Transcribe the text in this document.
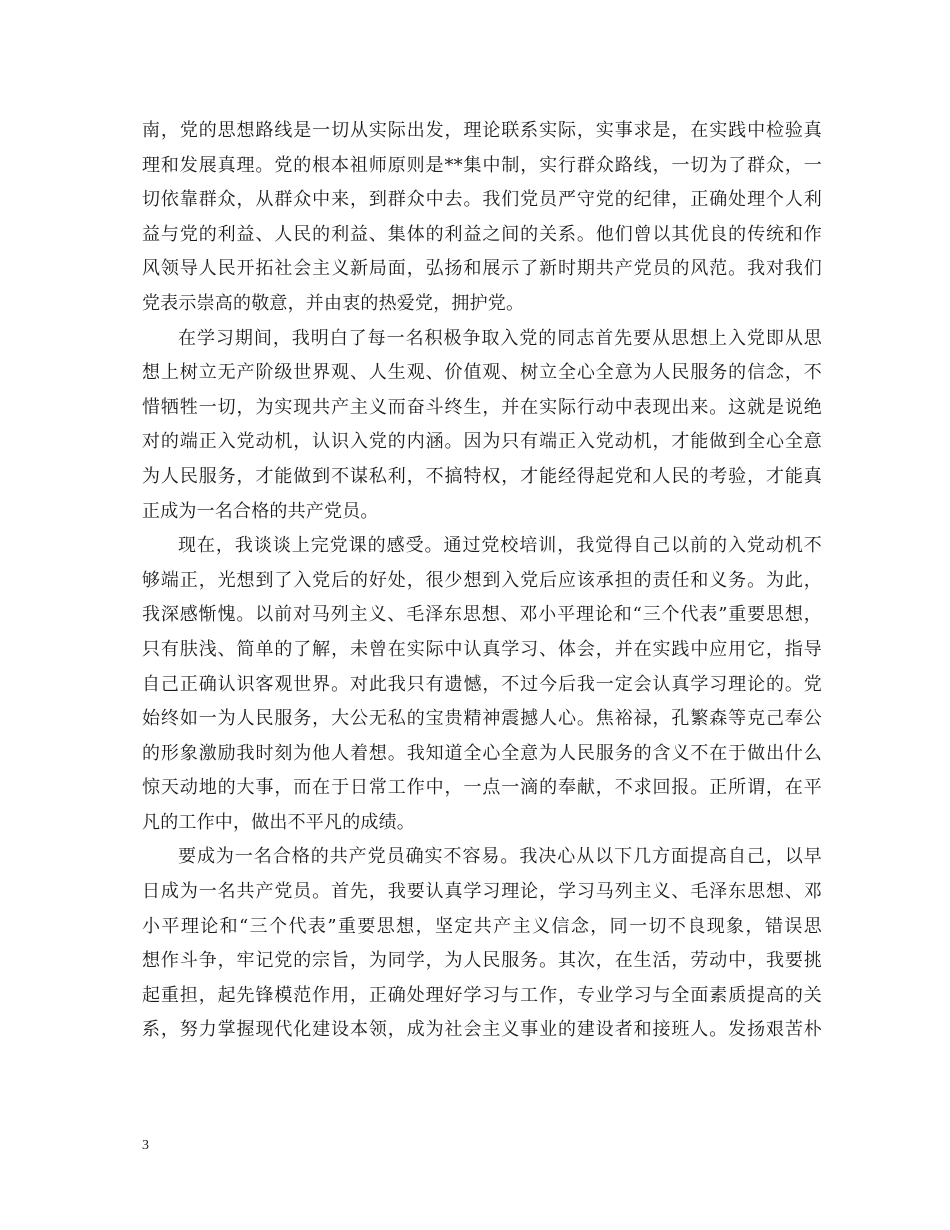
南，党的思想路线是一切从实际出发，理论联系实际，实事求是，在实践中检验真
理和发展真理。党的根本祖师原则是**集中制，实行群众路线，一切为了群众，一
切依靠群众，从群众中来，到群众中去。我们党员严守党的纪律，正确处理个人利
益与党的利益、人民的利益、集体的利益之间的关系。他们曾以其优良的传统和作
风领导人民开拓社会主义新局面，弘扬和展示了新时期共产党员的风范。我对我们
党表示崇高的敬意，并由衷的热爱党，拥护党。
在学习期间，我明白了每一名积极争取入党的同志首先要从思想上入党即从思
想上树立无产阶级世界观、人生观、价值观、树立全心全意为人民服务的信念，不
惜牺牲一切，为实现共产主义而奋斗终生，并在实际行动中表现出来。这就是说绝
对的端正入党动机，认识入党的内涵。因为只有端正入党动机，才能做到全心全意
为人民服务，才能做到不谋私利，不搞特权，才能经得起党和人民的考验，才能真
正成为一名合格的共产党员。
现在，我谈谈上完党课的感受。通过党校培训，我觉得自己以前的入党动机不
够端正，光想到了入党后的好处，很少想到入党后应该承担的责任和义务。为此，
我深感惭愧。以前对马列主义、毛泽东思想、邓小平理论和“三个代表”重要思想，
只有肤浅、简单的了解，未曾在实际中认真学习、体会，并在实践中应用它，指导
自己正确认识客观世界。对此我只有遗憾，不过今后我一定会认真学习理论的。党
始终如一为人民服务，大公无私的宝贵精神震撼人心。焦裕禄，孔繁森等克己奉公
的形象激励我时刻为他人着想。我知道全心全意为人民服务的含义不在于做出什么
惊天动地的大事，而在于日常工作中，一点一滴的奉献，不求回报。正所谓，在平
凡的工作中，做出不平凡的成绩。
要成为一名合格的共产党员确实不容易。我决心从以下几方面提高自己，以早
日成为一名共产党员。首先，我要认真学习理论，学习马列主义、毛泽东思想、邓
小平理论和“三个代表”重要思想，坚定共产主义信念，同一切不良现象，错误思
想作斗争，牢记党的宗旨，为同学，为人民服务。其次，在生活，劳动中，我要挑
起重担，起先锋模范作用，正确处理好学习与工作，专业学习与全面素质提高的关
系，努力掌握现代化建设本领，成为社会主义事业的建设者和接班人。发扬艰苦朴
3
